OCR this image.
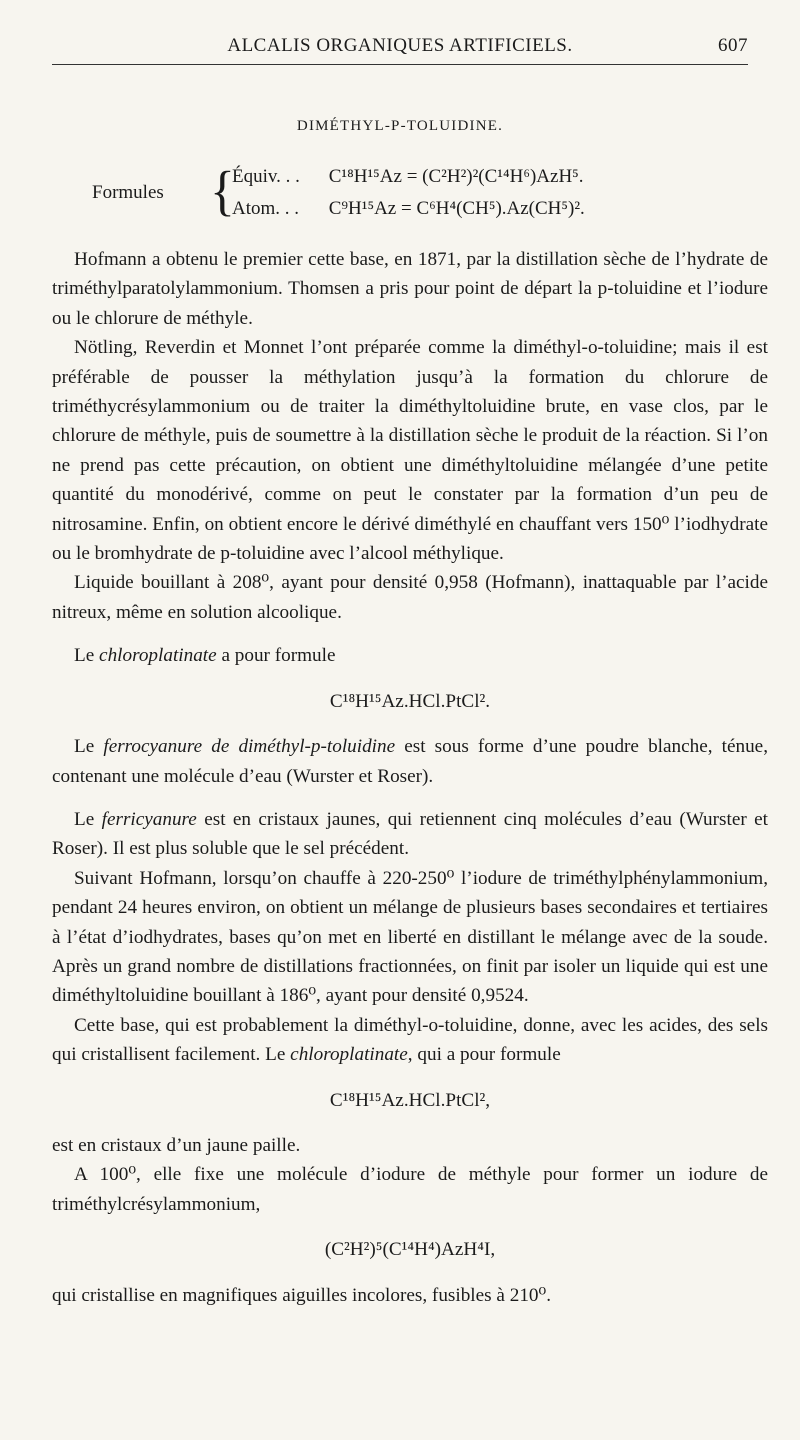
ALCALIS ORGANIQUES ARTIFICIELS.	607
DIMÉTHYL-P-TOLUIDINE.
Formules {
Équiv. . . C¹⁸H¹⁵Az = (C²H²)²(C¹⁴H⁶)AzH⁵.
Atom. . . C⁹H¹⁵Az = C⁶H⁴(CH⁵).Az(CH⁵)².

Hofmann a obtenu le premier cette base, en 1871, par la distillation sèche de l’hydrate de triméthylparatolylammonium. Thomsen a pris pour point de départ la p-toluidine et l’iodure ou le chlorure de méthyle.

Nötling, Reverdin et Monnet l’ont préparée comme la diméthyl-o-toluidine; mais il est préférable de pousser la méthylation jusqu’à la formation du chlorure de triméthycrésylammonium ou de traiter la diméthyltoluidine brute, en vase clos, par le chlorure de méthyle, puis de soumettre à la distillation sèche le produit de la réaction. Si l’on ne prend pas cette précaution, on obtient une diméthyltoluidine mélangée d’une petite quantité du monodérivé, comme on peut le constater par la formation d’un peu de nitrosamine. Enfin, on obtient encore le dérivé diméthylé en chauffant vers 150⁰ l’iodhydrate ou le bromhydrate de p-toluidine avec l’alcool méthylique.

Liquide bouillant à 208⁰, ayant pour densité 0,958 (Hofmann), inattaquable par l’acide nitreux, même en solution alcoolique.

Le chloroplatinate a pour formule

C¹⁸H¹⁵Az.HCl.PtCl².

Le ferrocyanure de diméthyl-p-toluidine est sous forme d’une poudre blanche, ténue, contenant une molécule d’eau (Wurster et Roser).

Le ferricyanure est en cristaux jaunes, qui retiennent cinq molécules d’eau (Wurster et Roser). Il est plus soluble que le sel précédent.

Suivant Hofmann, lorsqu’on chauffe à 220-250⁰ l’iodure de triméthylphénylammonium, pendant 24 heures environ, on obtient un mélange de plusieurs bases secondaires et tertiaires à l’état d’iodhydrates, bases qu’on met en liberté en distillant le mélange avec de la soude. Après un grand nombre de distillations fractionnées, on finit par isoler un liquide qui est une diméthyltoluidine bouillant à 186⁰, ayant pour densité 0,9524.

Cette base, qui est probablement la diméthyl-o-toluidine, donne, avec les acides, des sels qui cristallisent facilement. Le chloroplatinate, qui a pour formule

C¹⁸H¹⁵Az.HCl.PtCl²,

est en cristaux d’un jaune paille.

A 100⁰, elle fixe une molécule d’iodure de méthyle pour former un iodure de triméthylcrésylammonium,

(C²H²)⁵(C¹⁴H⁴)AzH⁴I,

qui cristallise en magnifiques aiguilles incolores, fusibles à 210⁰.
